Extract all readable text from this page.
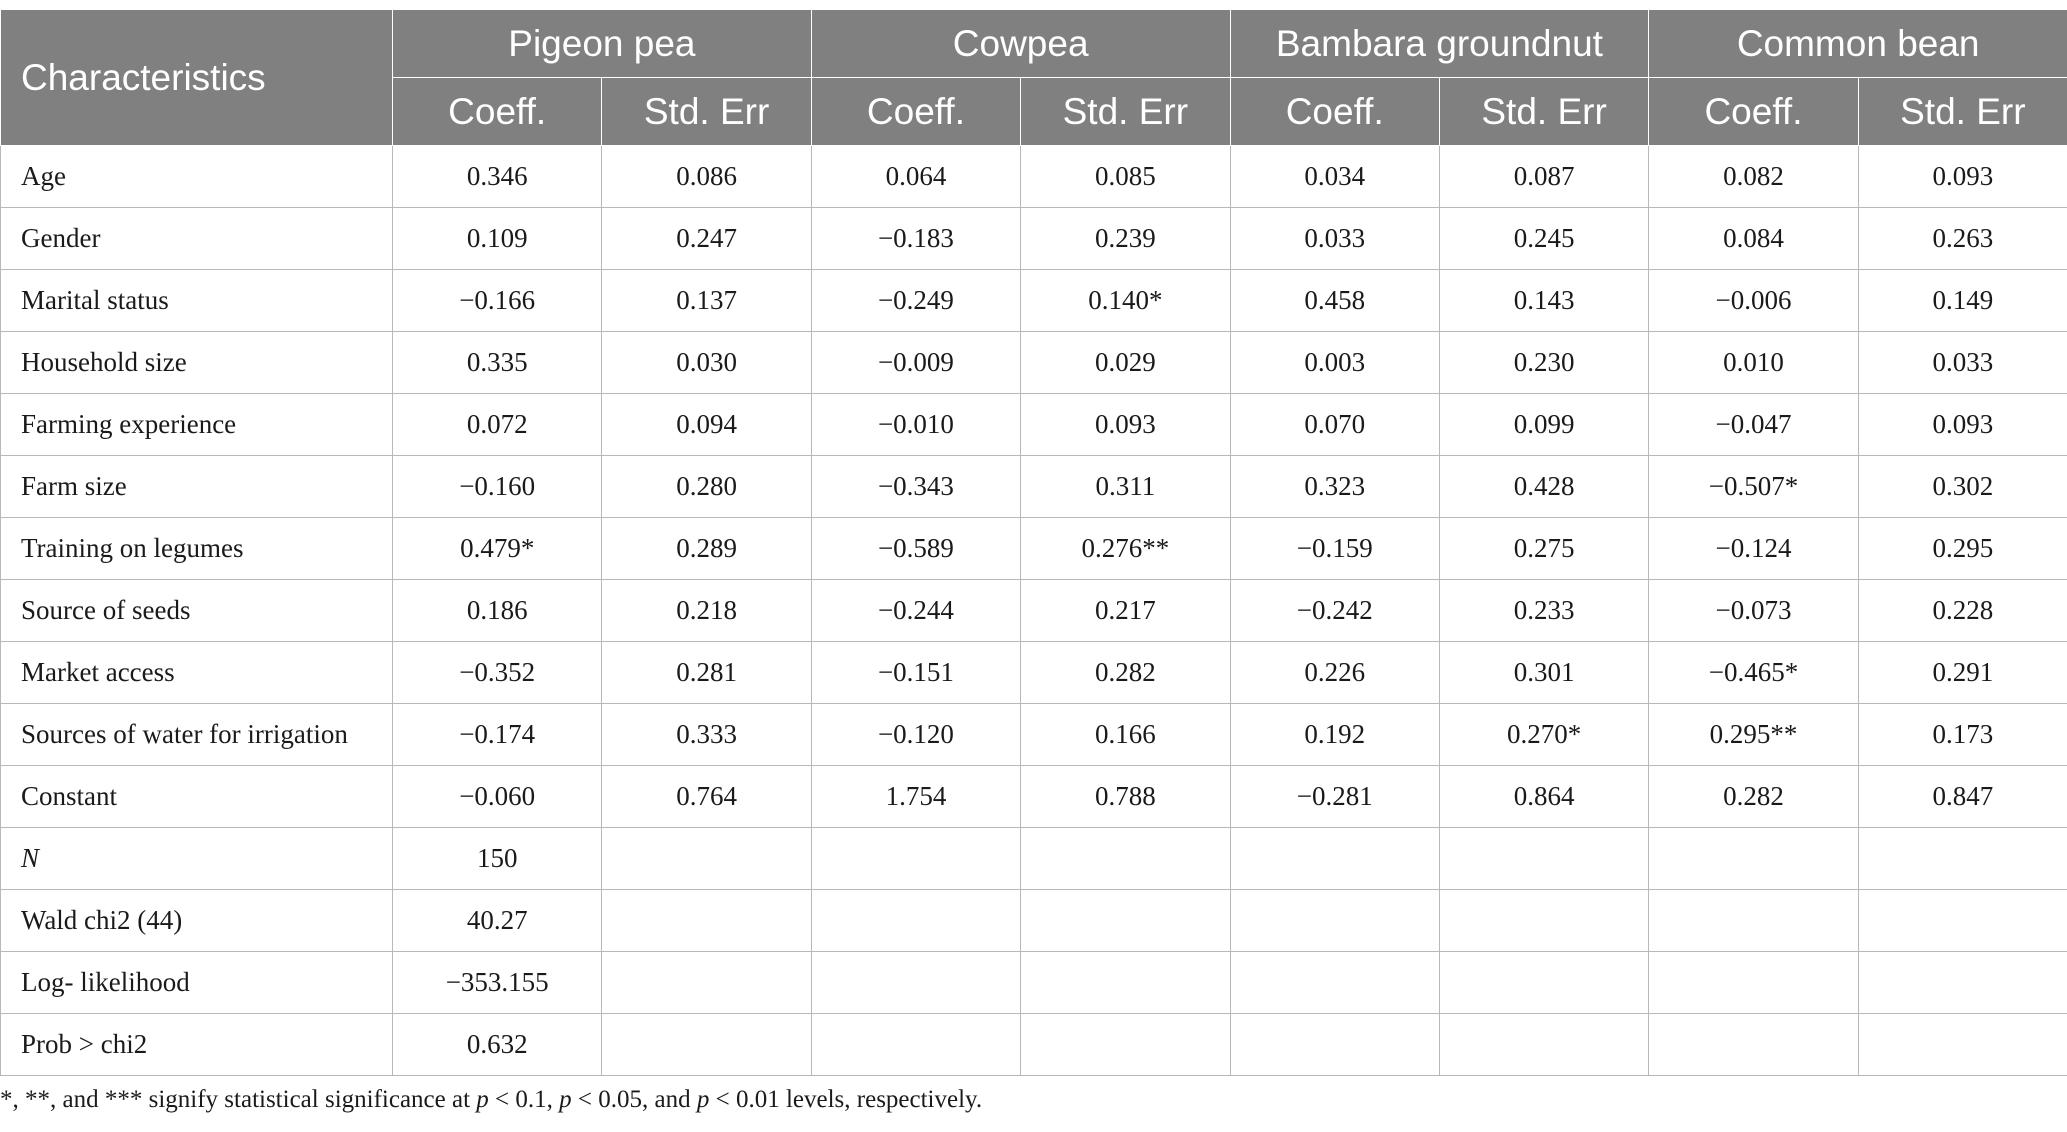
Characteristics	Pigeon pea		Cowpea		Bambara groundnut		Common bean	
	Coeff.	Std. Err	Coeff.	Std. Err	Coeff.	Std. Err	Coeff.	Std. Err
Age	0.346	0.086	0.064	0.085	0.034	0.087	0.082	0.093
Gender	0.109	0.247	−0.183	0.239	0.033	0.245	0.084	0.263
Marital status	−0.166	0.137	−0.249	0.140*	0.458	0.143	−0.006	0.149
Household size	0.335	0.030	−0.009	0.029	0.003	0.230	0.010	0.033
Farming experience	0.072	0.094	−0.010	0.093	0.070	0.099	−0.047	0.093
Farm size	−0.160	0.280	−0.343	0.311	0.323	0.428	−0.507*	0.302
Training on legumes	0.479*	0.289	−0.589	0.276**	−0.159	0.275	−0.124	0.295
Source of seeds	0.186	0.218	−0.244	0.217	−0.242	0.233	−0.073	0.228
Market access	−0.352	0.281	−0.151	0.282	0.226	0.301	−0.465*	0.291
Sources of water for irrigation	−0.174	0.333	−0.120	0.166	0.192	0.270*	0.295**	0.173
Constant	−0.060	0.764	1.754	0.788	−0.281	0.864	0.282	0.847
N	150							
Wald chi2 (44)	40.27							
Log- likelihood	−353.155							
Prob > chi2	0.632							
*, **, and *** signify statistical significance at p < 0.1, p < 0.05, and p < 0.01 levels, respectively.
